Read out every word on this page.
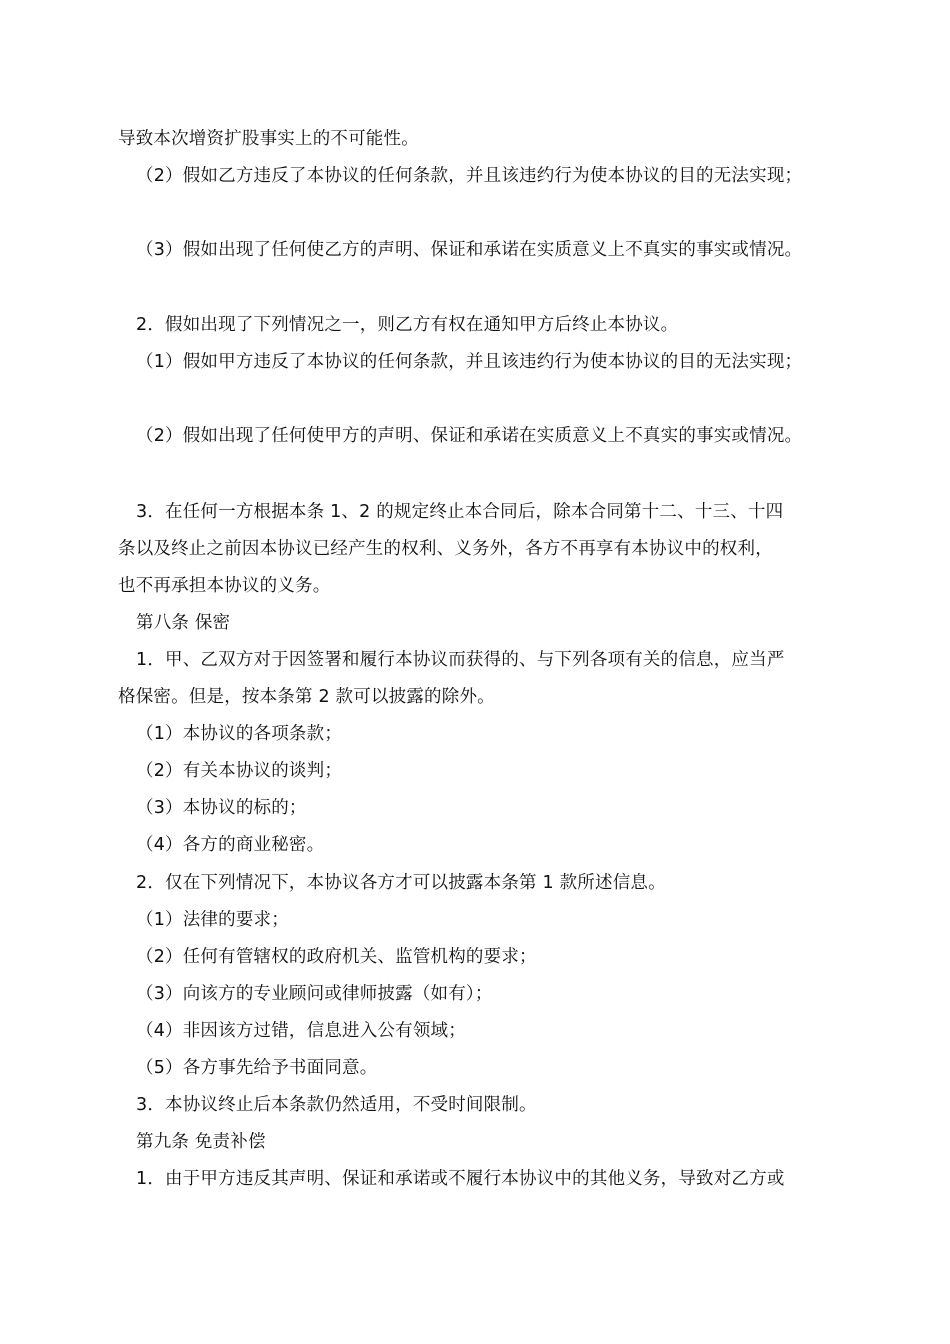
导致本次增资扩股事实上的不可能性。
（2）假如乙方违反了本协议的任何条款，并且该违约行为使本协议的目的无法实现；
（3）假如出现了任何使乙方的声明、保证和承诺在实质意义上不真实的事实或情况。
2．假如出现了下列情况之一，则乙方有权在通知甲方后终止本协议。
（1）假如甲方违反了本协议的任何条款，并且该违约行为使本协议的目的无法实现；
（2）假如出现了任何使甲方的声明、保证和承诺在实质意义上不真实的事实或情况。
3．在任何一方根据本条 1、2 的规定终止本合同后，除本合同第十二、十三、十四
条以及终止之前因本协议已经产生的权利、义务外，各方不再享有本协议中的权利，
也不再承担本协议的义务。
第八条 保密
1．甲、乙双方对于因签署和履行本协议而获得的、与下列各项有关的信息，应当严
格保密。但是，按本条第 2 款可以披露的除外。
（1）本协议的各项条款；
（2）有关本协议的谈判；
（3）本协议的标的；
（4）各方的商业秘密。
2．仅在下列情况下，本协议各方才可以披露本条第 1 款所述信息。
（1）法律的要求；
（2）任何有管辖权的政府机关、监管机构的要求；
（3）向该方的专业顾问或律师披露（如有）；
（4）非因该方过错，信息进入公有领域；
（5）各方事先给予书面同意。
3．本协议终止后本条款仍然适用，不受时间限制。
第九条 免责补偿
1．由于甲方违反其声明、保证和承诺或不履行本协议中的其他义务，导致对乙方或
